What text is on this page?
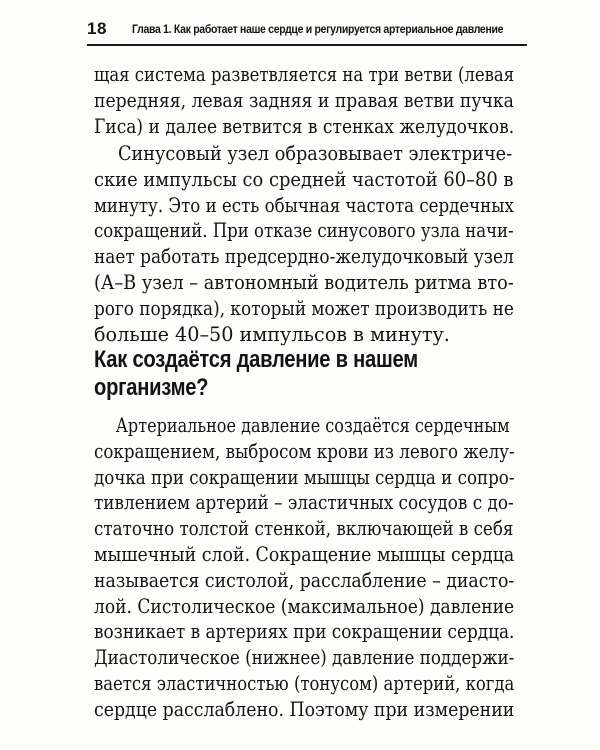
18 Глава 1. Как работает наше сердце и регулируется артериальное давление
щая система разветвляется на три ветви (левая
передняя, левая задняя и правая ветви пучка
Гиса) и далее ветвится в стенках желудочков.
Синусовый узел образовывает электриче-
ские импульсы со средней частотой 60–80 в
минуту. Это и есть обычная частота сердечных
сокращений. При отказе синусового узла начи-
нает работать предсердно-желудочковый узел
(А–В узел – автономный водитель ритма вто-
рого порядка), который может производить не
больше 40–50 импульсов в минуту.
Как создаётся давление в нашем
организме?
Артериальное давление создаётся сердечным
сокращением, выбросом крови из левого желу-
дочка при сокращении мышцы сердца и сопро-
тивлением артерий – эластичных сосудов с до-
статочно толстой стенкой, включающей в себя
мышечный слой. Сокращение мышцы сердца
называется систолой, расслабление – диасто-
лой. Систолическое (максимальное) давление
возникает в артериях при сокращении сердца.
Диастолическое (нижнее) давление поддержи-
вается эластичностью (тонусом) артерий, когда
сердце расслаблено. Поэтому при измерении
